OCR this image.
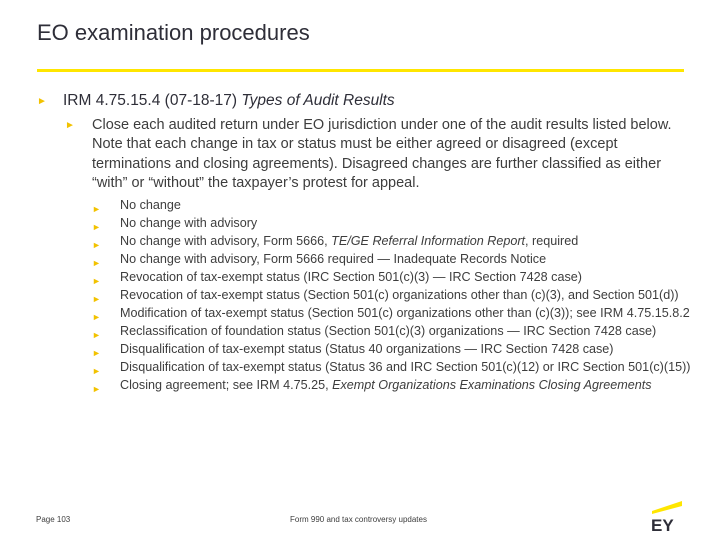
EO examination procedures
► IRM 4.75.15.4 (07-18-17) Types of Audit Results
► Close each audited return under EO jurisdiction under one of the audit results listed below. Note that each change in tax or status must be either agreed or disagreed (except terminations and closing agreements). Disagreed changes are further classified as either “with” or “without” the taxpayer’s protest for appeal.
► No change
► No change with advisory
► No change with advisory, Form 5666, TE/GE Referral Information Report, required
► No change with advisory, Form 5666 required — Inadequate Records Notice
► Revocation of tax-exempt status (IRC Section 501(c)(3) — IRC Section 7428 case)
► Revocation of tax-exempt status (Section 501(c) organizations other than (c)(3), and Section 501(d))
► Modification of tax-exempt status (Section 501(c) organizations other than (c)(3)); see IRM 4.75.15.8.2
► Reclassification of foundation status (Section 501(c)(3) organizations — IRC Section 7428 case)
► Disqualification of tax-exempt status (Status 40 organizations — IRC Section 7428 case)
► Disqualification of tax-exempt status (Status 36 and IRC Section 501(c)(12) or IRC Section 501(c)(15))
► Closing agreement; see IRM 4.75.25, Exempt Organizations Examinations Closing Agreements
Page 103	Form 990 and tax controversy updates	EY
